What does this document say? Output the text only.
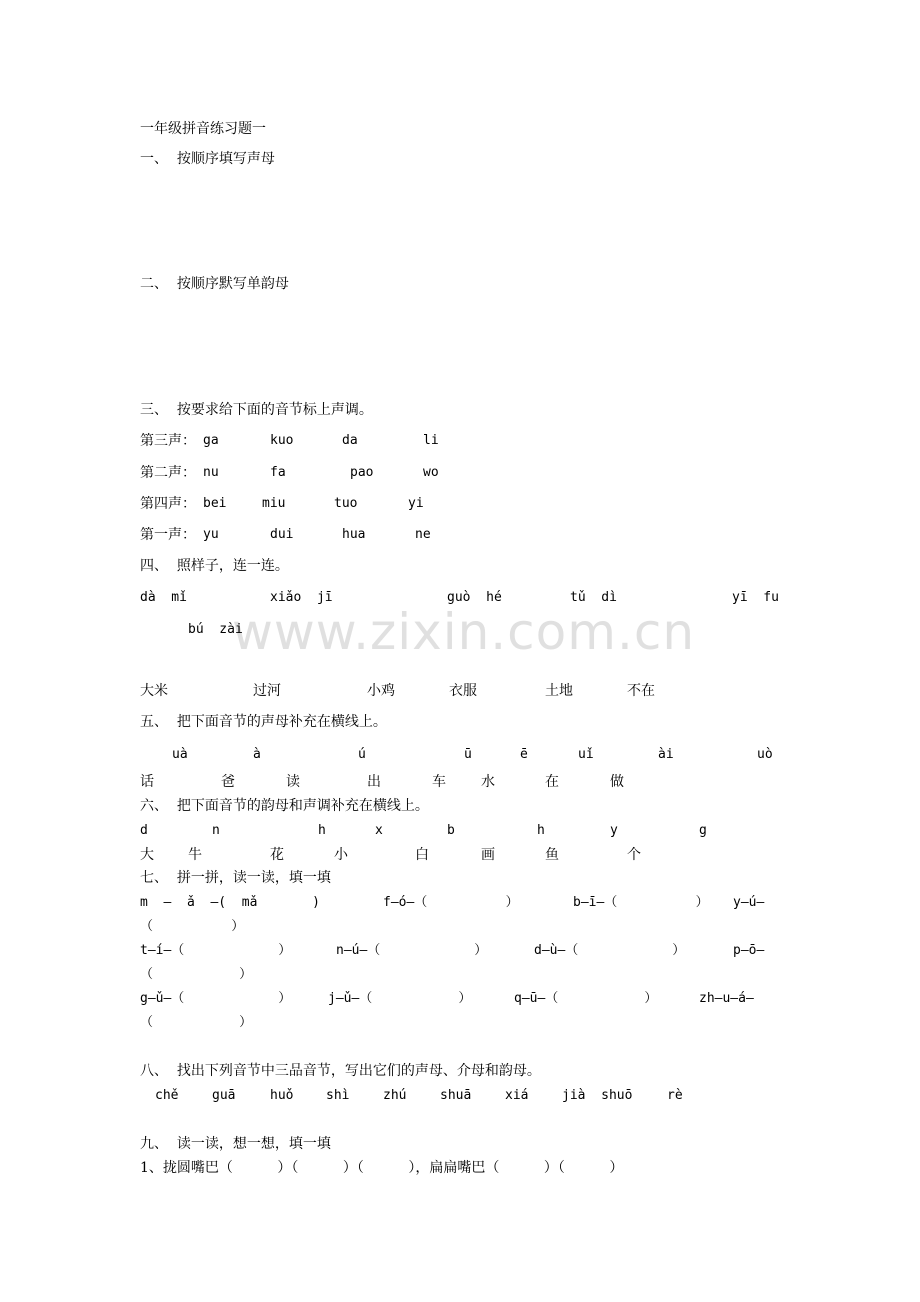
www.zixin.com.cn
一年级拼音练习题一
一、  按顺序填写声母
二、  按顺序默写单韵母
三、  按要求给下面的音节标上声调。
第三声： ga	kuo	da	li
第二声： nu	fa	pao	wo
第四声： bei	miu	tuo	yi
第一声： yu	dui	hua	ne
四、  照样子，连一连。
dà  mǐ	xiǎo  jī	guò  hé	tǔ  dì	yī  fu
bú  zài
大米	过河	小鸡	衣服	土地	不在
五、  把下面音节的声母补充在横线上。
uà	à	ú	ū	ē	uǐ	ài	uò
话	爸	读	出	车	水	在	做
六、  把下面音节的韵母和声调补充在横线上。
d	n	h	x	b	h	y	g
大 牛	花	小	白	画	鱼	个
七、  拼一拼，读一读，填一填
m  —  ǎ  —(  mǎ       )	f—ó—（          ）	b—ī—（          ） y—ú—
（          ）
t—í—（            ）	n—ú—（            ）	d—ù—（            ）	p—ō—
（           ）
g—ǔ—（            ）	j—ǔ—（           ）	q—ū—（           ）	zh—u—á—
（           ）
八、  找出下列音节中三品音节，写出它们的声母、介母和韵母。
chě	guā	huǒ	shì	zhú	shuā	xiá	jià  shuō	rè
九、  读一读，想一想，填一填
1、拢圆嘴巴（          ）（          ）（          ），扁扁嘴巴（          ）（          ）
